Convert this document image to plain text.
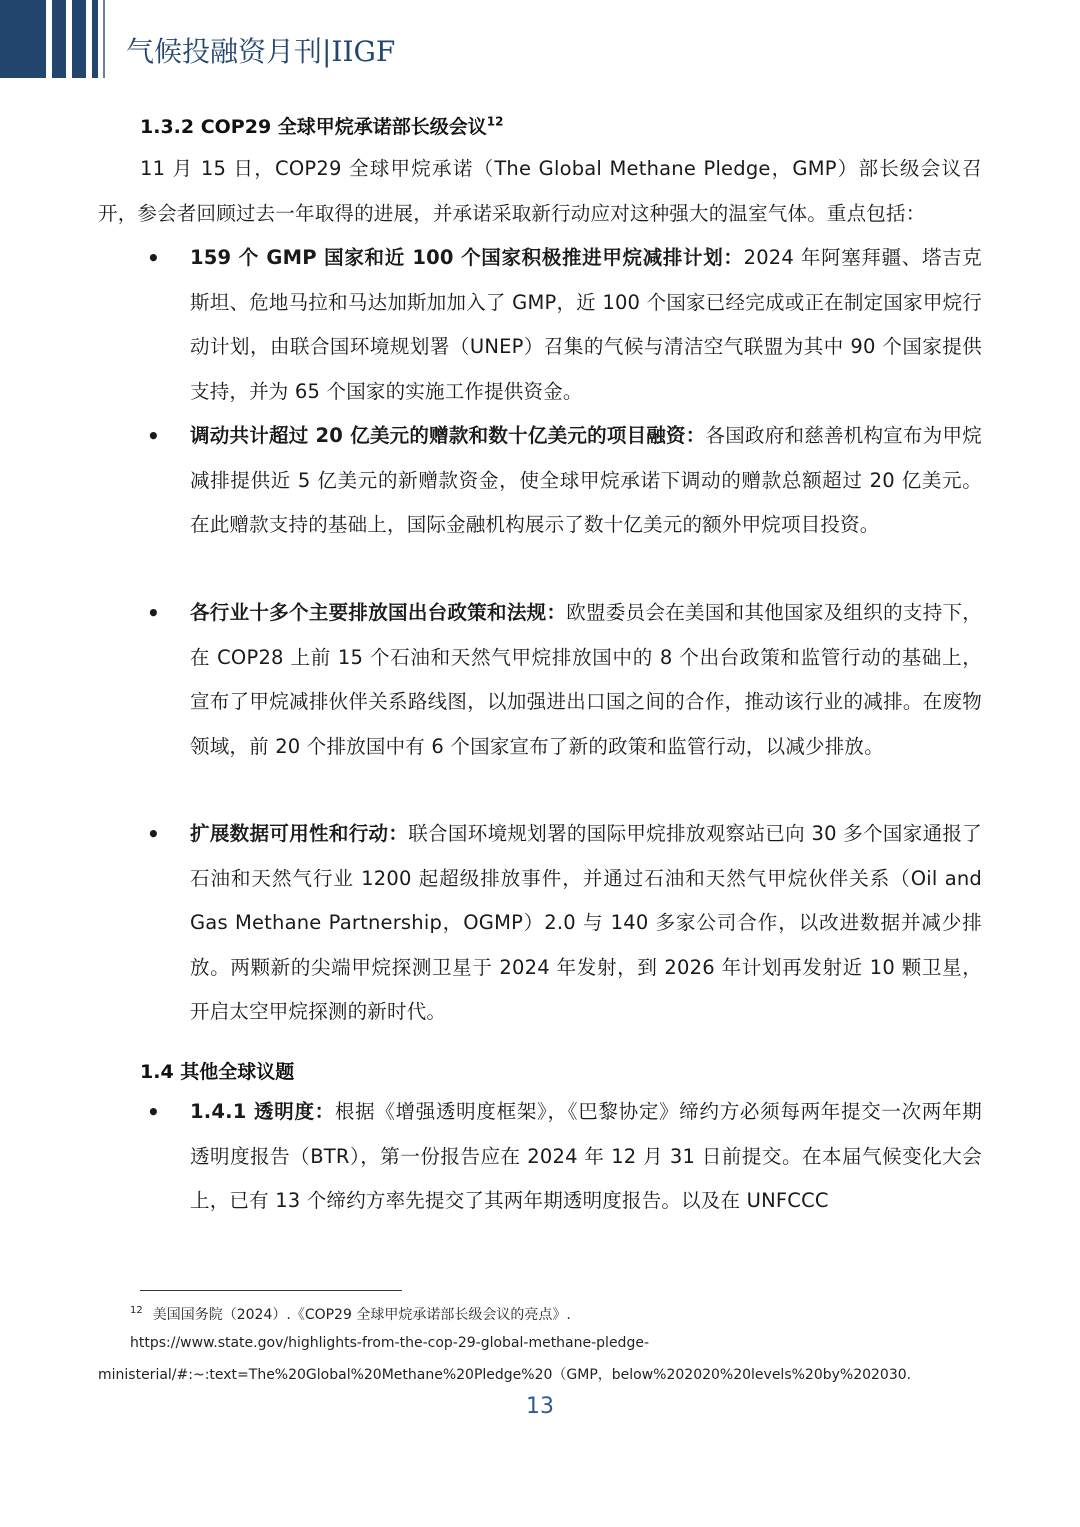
气候投融资月刊|IIGF
1.3.2 COP29 全球甲烷承诺部长级会议$^{12}$
11 月 15 日，COP29 全球甲烷承诺（The Global Methane Pledge，GMP）部长级会议召开，参会者回顾过去一年取得的进展，并承诺采取新行动应对这种强大的温室气体。重点包括：
• 159 个 GMP 国家和近 100 个国家积极推进甲烷减排计划：2024 年阿塞拜疆、塔吉克斯坦、危地马拉和马达加斯加加入了 GMP，近 100 个国家已经完成或正在制定国家甲烷行动计划，由联合国环境规划署（UNEP）召集的气候与清洁空气联盟为其中 90 个国家提供支持，并为 65 个国家的实施工作提供资金。
• 调动共计超过 20 亿美元的赠款和数十亿美元的项目融资：各国政府和慈善机构宣布为甲烷减排提供近 5 亿美元的新赠款资金，使全球甲烷承诺下调动的赠款总额超过 20 亿美元。在此赠款支持的基础上，国际金融机构展示了数十亿美元的额外甲烷项目投资。
• 各行业十多个主要排放国出台政策和法规：欧盟委员会在美国和其他国家及组织的支持下，在 COP28 上前 15 个石油和天然气甲烷排放国中的 8 个出台政策和监管行动的基础上，宣布了甲烷减排伙伴关系路线图，以加强进出口国之间的合作，推动该行业的减排。在废物领域，前 20 个排放国中有 6 个国家宣布了新的政策和监管行动，以减少排放。
• 扩展数据可用性和行动：联合国环境规划署的国际甲烷排放观察站已向 30 多个国家通报了石油和天然气行业 1200 起超级排放事件，并通过石油和天然气甲烷伙伴关系（Oil and Gas Methane Partnership，OGMP）2.0 与 140 多家公司合作，以改进数据并减少排放。两颗新的尖端甲烷探测卫星于 2024 年发射，到 2026 年计划再发射近 10 颗卫星，开启太空甲烷探测的新时代。
1.4 其他全球议题
• 1.4.1 透明度：根据《增强透明度框架》，《巴黎协定》缔约方必须每两年提交一次两年期透明度报告（BTR），第一份报告应在 2024 年 12 月 31 日前提交。在本届气候变化大会上，已有 13 个缔约方率先提交了其两年期透明度报告。以及在 UNFCCC
$^{12}$ 美国国务院（2024）.《COP29 全球甲烷承诺部长级会议的亮点》.
https://www.state.gov/highlights-from-the-cop-29-global-methane-pledge-
ministerial/#:~:text=The%20Global%20Methane%20Pledge%20（GMP，below%202020%20levels%20by%202030.
13
